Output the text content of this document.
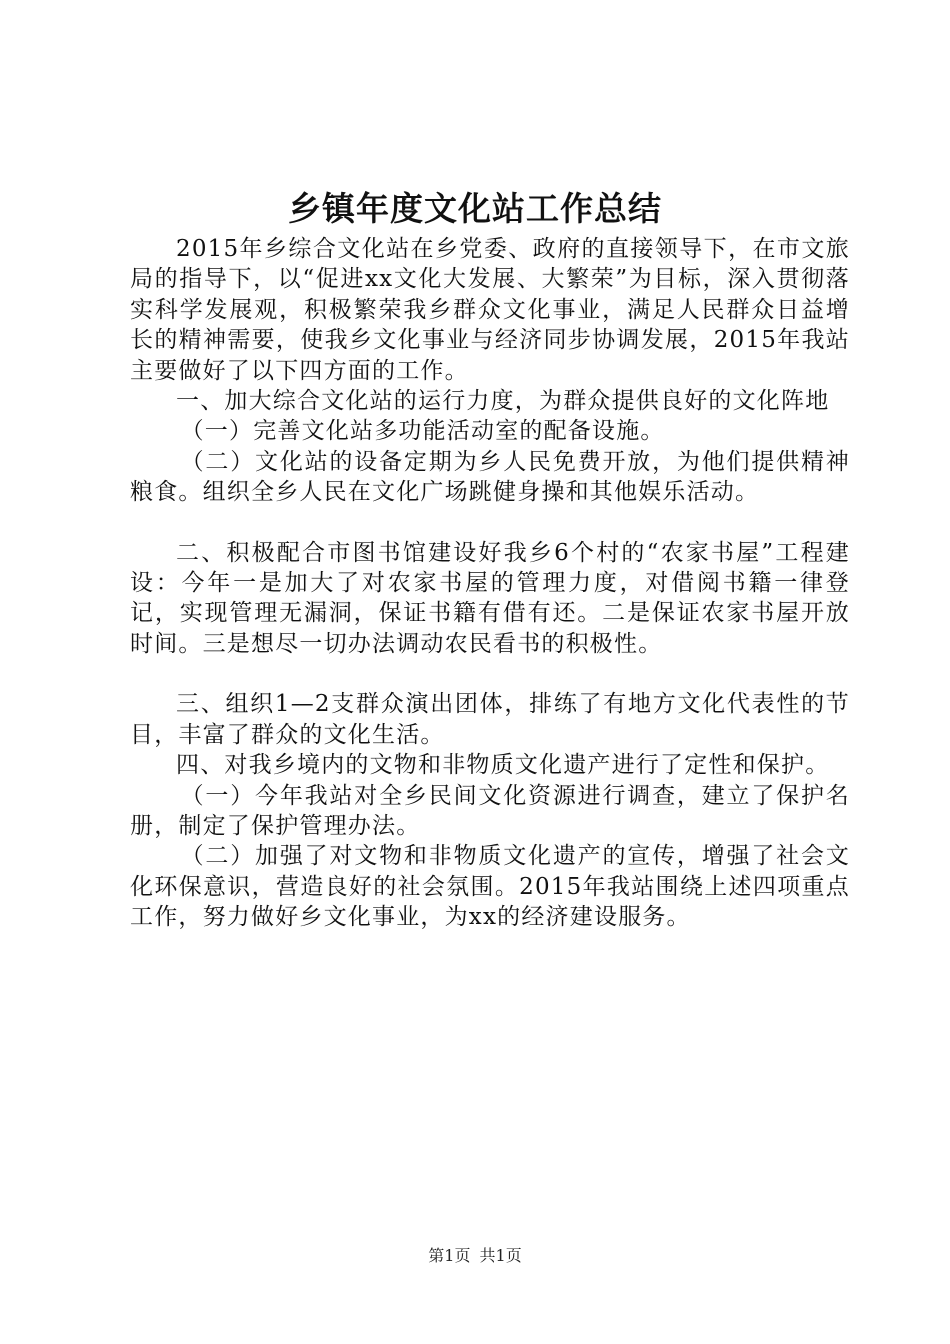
乡镇年度文化站工作总结

2015年乡综合文化站在乡党委、政府的直接领导下，在市文旅局的指导下，以“促进xx文化大发展、大繁荣”为目标，深入贯彻落实科学发展观，积极繁荣我乡群众文化事业，满足人民群众日益增长的精神需要，使我乡文化事业与经济同步协调发展，2015年我站主要做好了以下四方面的工作。

一、加大综合文化站的运行力度，为群众提供良好的文化阵地

（一）完善文化站多功能活动室的配备设施。

（二）文化站的设备定期为乡人民免费开放，为他们提供精神粮食。组织全乡人民在文化广场跳健身操和其他娱乐活动。

二、积极配合市图书馆建设好我乡6个村的“农家书屋”工程建设：今年一是加大了对农家书屋的管理力度，对借阅书籍一律登记，实现管理无漏洞，保证书籍有借有还。二是保证农家书屋开放时间。三是想尽一切办法调动农民看书的积极性。

三、组织1—2支群众演出团体，排练了有地方文化代表性的节目，丰富了群众的文化生活。

四、对我乡境内的文物和非物质文化遗产进行了定性和保护。

（一）今年我站对全乡民间文化资源进行调查，建立了保护名册，制定了保护管理办法。

（二）加强了对文物和非物质文化遗产的宣传，增强了社会文化环保意识，营造良好的社会氛围。2015年我站围绕上述四项重点工作，努力做好乡文化事业，为xx的经济建设服务。

第1页 共1页
